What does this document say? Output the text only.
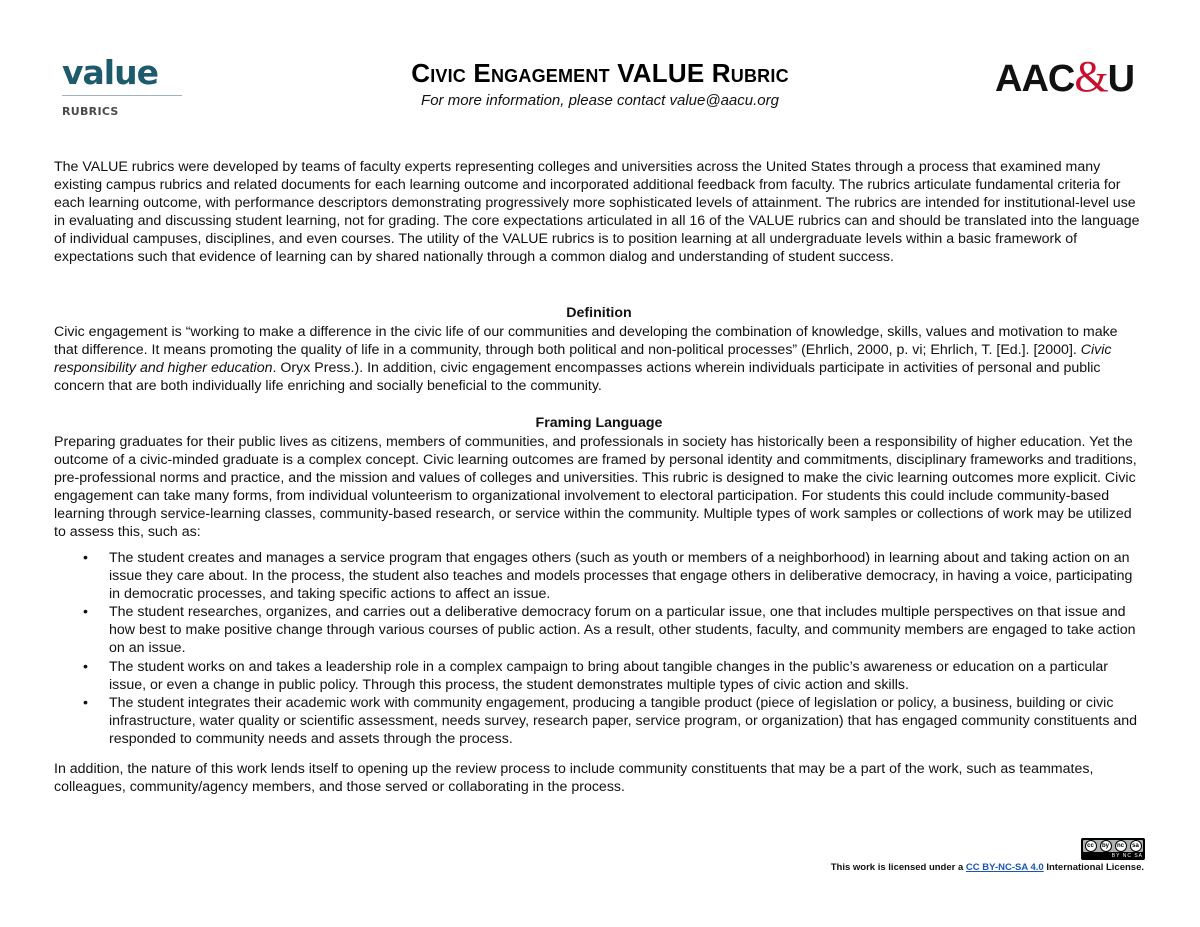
value
RUBRICS
Civic Engagement VALUE Rubric
For more information, please contact value@aacu.org
AAC&U
The VALUE rubrics were developed by teams of faculty experts representing colleges and universities across the United States through a process that examined many existing campus rubrics and related documents for each learning outcome and incorporated additional feedback from faculty. The rubrics articulate fundamental criteria for each learning outcome, with performance descriptors demonstrating progressively more sophisticated levels of attainment. The rubrics are intended for institutional-level use in evaluating and discussing student learning, not for grading. The core expectations articulated in all 16 of the VALUE rubrics can and should be translated into the language of individual campuses, disciplines, and even courses. The utility of the VALUE rubrics is to position learning at all undergraduate levels within a basic framework of expectations such that evidence of learning can by shared nationally through a common dialog and understanding of student success.
Definition
Civic engagement is “working to make a difference in the civic life of our communities and developing the combination of knowledge, skills, values and motivation to make that difference. It means promoting the quality of life in a community, through both political and non-political processes” (Ehrlich, 2000, p. vi; Ehrlich, T. [Ed.]. [2000]. Civic responsibility and higher education. Oryx Press.). In addition, civic engagement encompasses actions wherein individuals participate in activities of personal and public concern that are both individually life enriching and socially beneficial to the community.
Framing Language
Preparing graduates for their public lives as citizens, members of communities, and professionals in society has historically been a responsibility of higher education. Yet the outcome of a civic-minded graduate is a complex concept. Civic learning outcomes are framed by personal identity and commitments, disciplinary frameworks and traditions, pre-professional norms and practice, and the mission and values of colleges and universities. This rubric is designed to make the civic learning outcomes more explicit. Civic engagement can take many forms, from individual volunteerism to organizational involvement to electoral participation. For students this could include community-based learning through service-learning classes, community-based research, or service within the community. Multiple types of work samples or collections of work may be utilized to assess this, such as:
• The student creates and manages a service program that engages others (such as youth or members of a neighborhood) in learning about and taking action on an issue they care about. In the process, the student also teaches and models processes that engage others in deliberative democracy, in having a voice, participating in democratic processes, and taking specific actions to affect an issue.
• The student researches, organizes, and carries out a deliberative democracy forum on a particular issue, one that includes multiple perspectives on that issue and how best to make positive change through various courses of public action. As a result, other students, faculty, and community members are engaged to take action on an issue.
• The student works on and takes a leadership role in a complex campaign to bring about tangible changes in the public’s awareness or education on a particular issue, or even a change in public policy. Through this process, the student demonstrates multiple types of civic action and skills.
• The student integrates their academic work with community engagement, producing a tangible product (piece of legislation or policy, a business, building or civic infrastructure, water quality or scientific assessment, needs survey, research paper, service program, or organization) that has engaged community constituents and responded to community needs and assets through the process.
In addition, the nature of this work lends itself to opening up the review process to include community constituents that may be a part of the work, such as teammates, colleagues, community/agency members, and those served or collaborating in the process.
cc	by	nc	sa
BY NC SA
This work is licensed under a CC BY-NC-SA 4.0 International License.
